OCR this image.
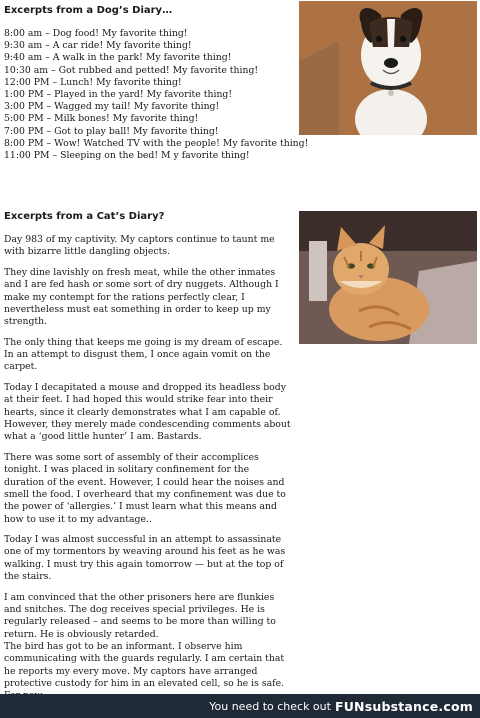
Excerpts from a Dog’s Diary…
8:00 am – Dog food! My favorite thing!
9:30 am – A car ride! My favorite thing!
9:40 am – A walk in the park! My favorite thing!
10:30 am – Got rubbed and petted! My favorite thing!
12:00 PM – Lunch! My favorite thing!
1:00 PM – Played in the yard! My favorite thing!
3:00 PM – Wagged my tail! My favorite thing!
5:00 PM – Milk bones! My favorite thing!
7:00 PM – Got to play ball! My favorite thing!
8:00 PM – Wow! Watched TV with the people! My favorite thing!
11:00 PM – Sleeping on the bed! M y favorite thing!
Excerpts from a Cat’s Diary?

Day 983 of my captivity. My captors continue to taunt me with bizarre little dangling objects.

They dine lavishly on fresh meat, while the other inmates and I are fed hash or some sort of dry nuggets. Although I make my contempt for the rations perfectly clear, I nevertheless must eat something in order to keep up my strength.

The only thing that keeps me going is my dream of escape. In an attempt to disgust them, I once again vomit on the carpet.

Today I decapitated a mouse and dropped its headless body at their feet. I had hoped this would strike fear into their hearts, since it clearly demonstrates what I am capable of. However, they merely made condescending comments about what a ‘good little hunter’ I am. Bastards.

There was some sort of assembly of their accomplices tonight. I was placed in solitary confinement for the duration of the event. However, I could hear the noises and smell the food. I overheard that my confinement was due to the power of ‘allergies.’ I must learn what this means and how to use it to my advantage..

Today I was almost successful in an attempt to assassinate one of my tormentors by weaving around his feet as he was walking. I must try this again tomorrow — but at the top of the stairs.

I am convinced that the other prisoners here are flunkies and snitches. The dog receives special privileges. He is regularly released – and seems to be more than willing to return. He is obviously retarded.

The bird has got to be an informant. I observe him communicating with the guards regularly. I am certain that he reports my every move. My captors have arranged protective custody for him in an elevated cell, so he is safe.

You need to check out FUNsubstance.com
